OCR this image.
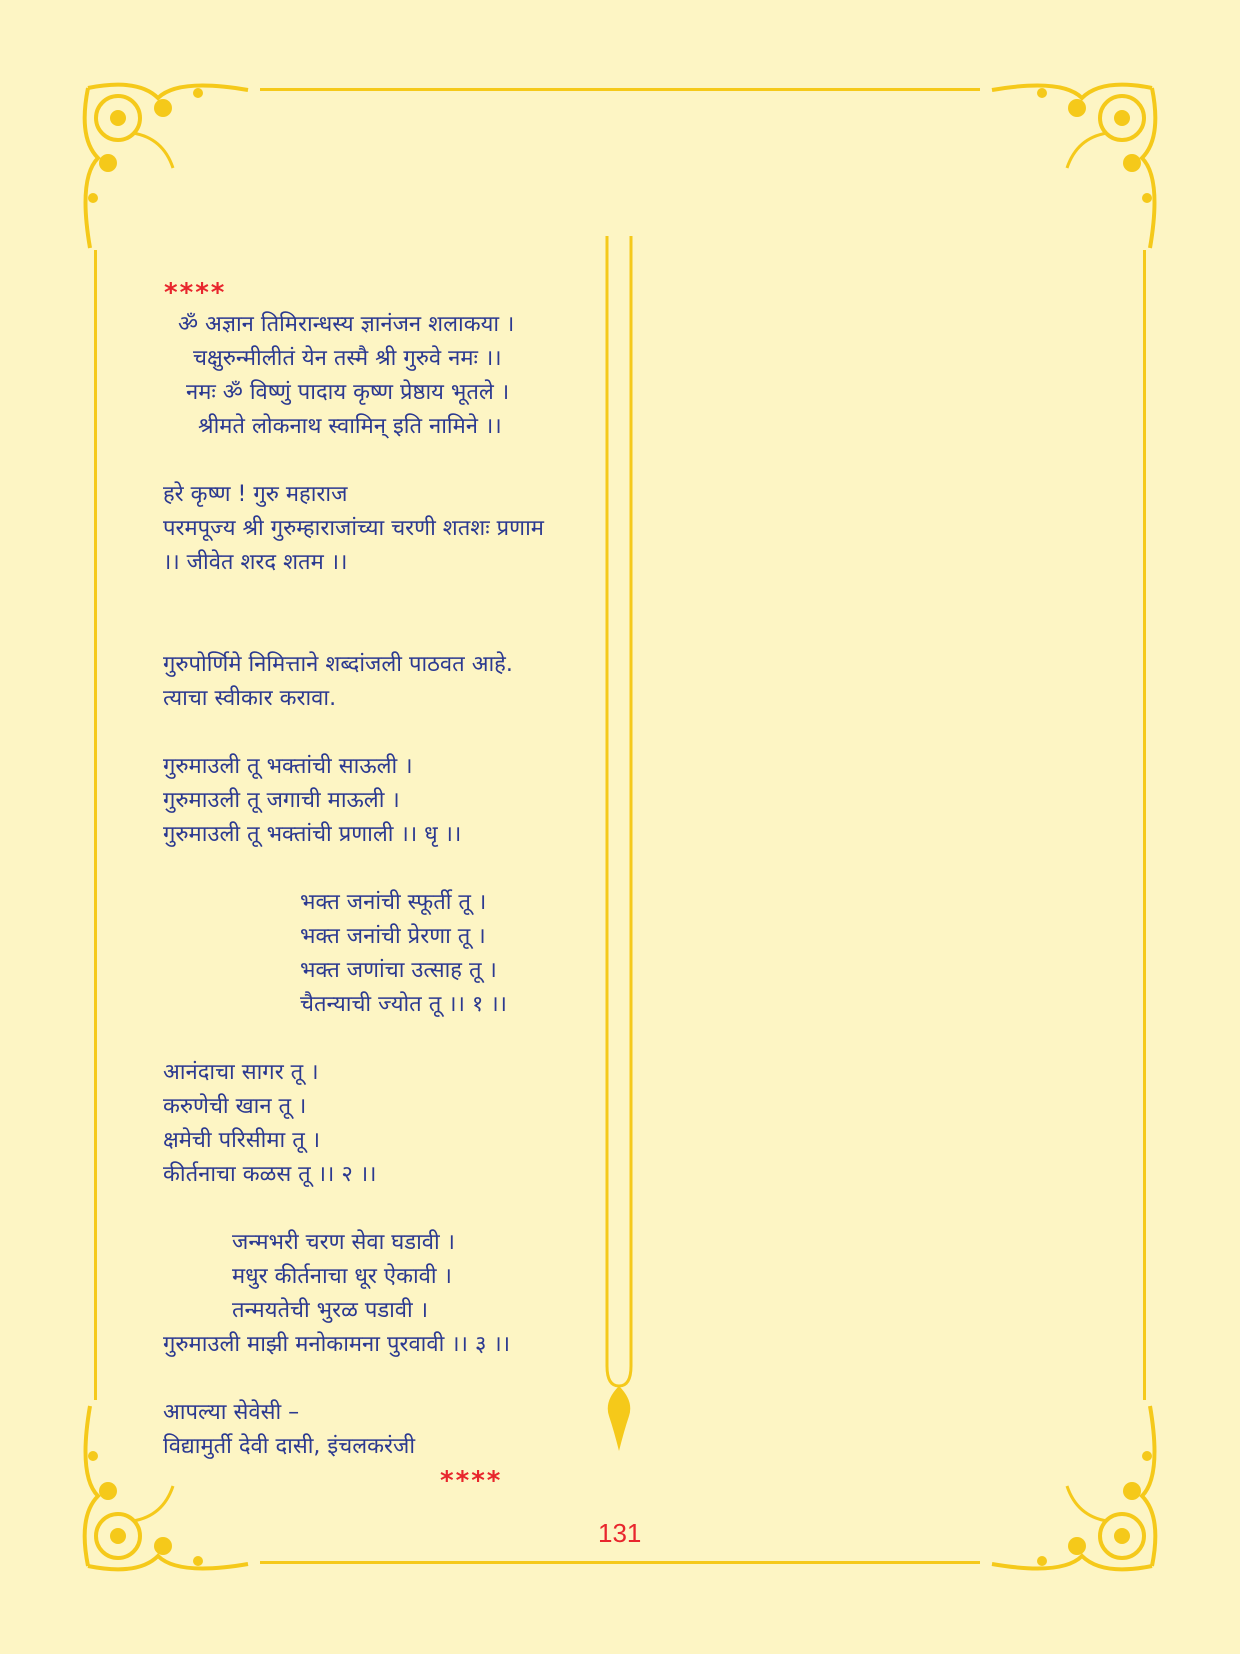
****
ॐ अज्ञान तिमिरान्धस्य ज्ञानंजन शलाकया ।
चक्षुरुन्मीलीतं येन तस्मै श्री गुरुवे नमः ।।
नमः ॐ विष्णुं पादाय कृष्ण प्रेष्ठाय भूतले ।
श्रीमते लोकनाथ स्वामिन् इति नामिने ।।
हरे कृष्ण ! गुरु महाराज
परमपूज्य श्री गुरुम्हाराजांच्या चरणी शतशः प्रणाम
।। जीवेत शरद शतम ।।
गुरुपोर्णिमे निमित्ताने शब्दांजली पाठवत आहे.
त्याचा स्वीकार करावा.
गुरुमाउली तू भक्तांची साऊली ।
गुरुमाउली तू जगाची माऊली ।
गुरुमाउली तू भक्तांची प्रणाली ।। धृ ।।
भक्त जनांची स्फूर्ती तू ।
भक्त जनांची प्रेरणा तू ।
भक्त जणांचा उत्साह तू ।
चैतन्याची ज्योत तू ।। १ ।।
आनंदाचा सागर तू ।
करुणेची खान तू ।
क्षमेची परिसीमा तू ।
कीर्तनाचा कळस तू ।। २ ।।
जन्मभरी चरण सेवा घडावी ।
मधुर कीर्तनाचा धूर ऐकावी ।
तन्मयतेची भुरळ पडावी ।
गुरुमाउली माझी मनोकामना पुरवावी ।। ३ ।।
आपल्या सेवेसी –
विद्यामुर्ती देवी दासी, इंचलकरंजी
****
131
